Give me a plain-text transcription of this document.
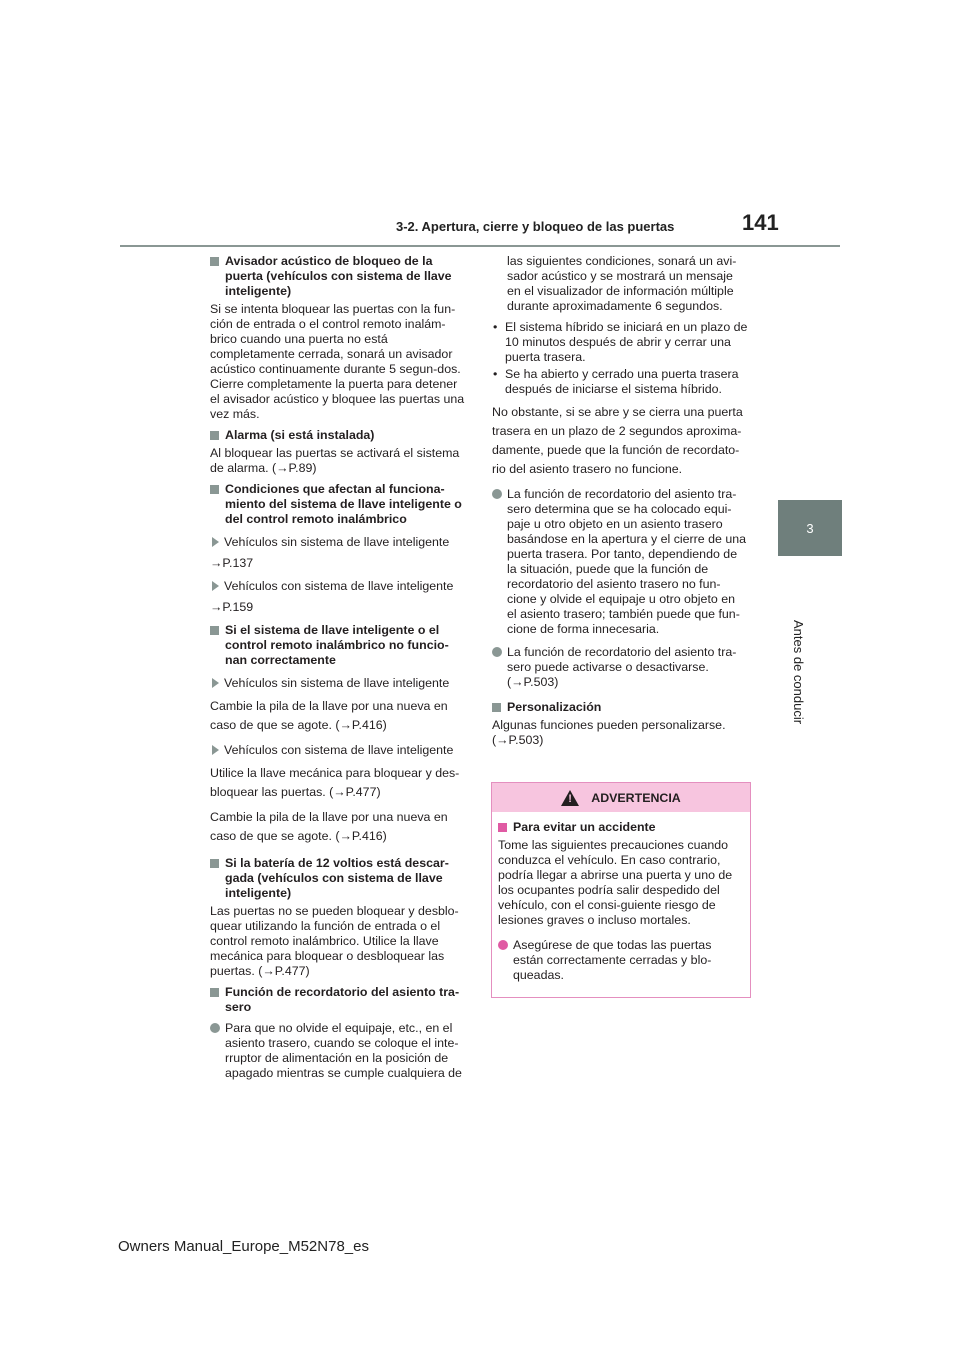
3-2. Apertura, cierre y bloqueo de las puertas	141
3
Antes de conducir
Avisador acústico de bloqueo de la puerta (vehículos con sistema de llave inteligente)

Si se intenta bloquear las puertas con la fun-ción de entrada o el control remoto inalám-brico cuando una puerta no está completamente cerrada, sonará un avisador acústico continuamente durante 5 segun-dos. Cierre completamente la puerta para detener el avisador acústico y bloquee las puertas una vez más.

Alarma (si está instalada)

Al bloquear las puertas se activará el sistema de alarma. (→P.89)

Condiciones que afectan al funciona-miento del sistema de llave inteligente o del control remoto inalámbrico
Vehículos sin sistema de llave inteligente
→P.137
Vehículos con sistema de llave inteligente
→P.159
Si el sistema de llave inteligente o el control remoto inalámbrico no funcio-nan correctamente
Vehículos sin sistema de llave inteligente

Cambie la pila de la llave por una nueva en

caso de que se agote. (→P.416)

Vehículos con sistema de llave inteligente

Utilice la llave mecánica para bloquear y des-

bloquear las puertas. (→P.477)

Cambie la pila de la llave por una nueva en

caso de que se agote. (→P.416)

Si la batería de 12 voltios está descar-gada (vehículos con sistema de llave inteligente)

Las puertas no se pueden bloquear y desblo-quear utilizando la función de entrada o el control remoto inalámbrico. Utilice la llave mecánica para bloquear o desbloquear las puertas. (→P.477)

Función de recordatorio del asiento tra-sero
Para que no olvide el equipaje, etc., en el asiento trasero, cuando se coloque el inte-rruptor de alimentación en la posición de apagado mientras se cumple cualquiera de

las siguientes condiciones, sonará un avi-sador acústico y se mostrará un mensaje en el visualizador de información múltiple durante aproximadamente 6 segundos.

• El sistema híbrido se iniciará en un plazo de 10 minutos después de abrir y cerrar una puerta trasera.
• Se ha abierto y cerrado una puerta trasera después de iniciarse el sistema híbrido.

No obstante, si se abre y se cierra una puerta

trasera en un plazo de 2 segundos aproxima-

damente, puede que la función de recordato-

rio del asiento trasero no funcione.

La función de recordatorio del asiento tra-sero determina que se ha colocado equi-paje u otro objeto en un asiento trasero basándose en la apertura y el cierre de una puerta trasera. Por tanto, dependiendo de la situación, puede que la función de recordatorio del asiento trasero no fun-cione y olvide el equipaje u otro objeto en el asiento trasero; también puede que fun-cione de forma innecesaria.
La función de recordatorio del asiento tra-sero puede activarse o desactivarse. (→P.503)
Personalización

Algunas funciones pueden personalizarse. (→P.503)

! ADVERTENCIA
Para evitar un accidente

Tome las siguientes precauciones cuando conduzca el vehículo. En caso contrario, podría llegar a abrirse una puerta y uno de los ocupantes podría salir despedido del vehículo, con el consi-guiente riesgo de lesiones graves o incluso mortales.

Asegúrese de que todas las puertas están correctamente cerradas y blo-queadas.
Owners Manual_Europe_M52N78_es
